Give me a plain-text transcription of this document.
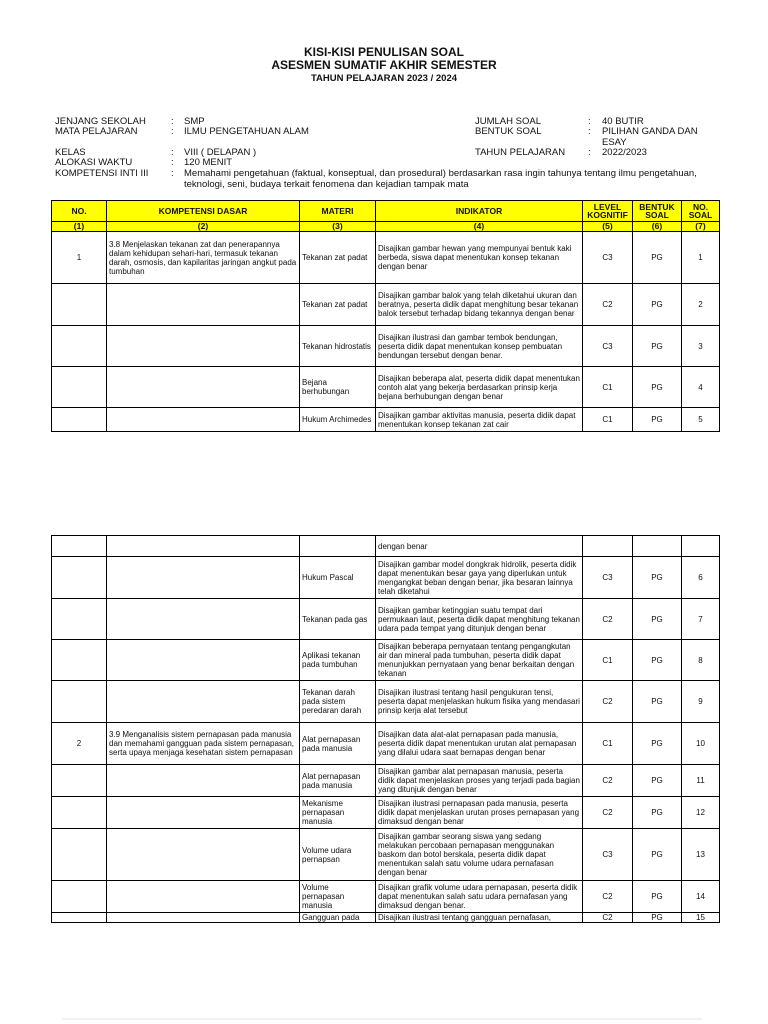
KISI-KISI PENULISAN SOAL
ASESMEN SUMATIF AKHIR SEMESTER
TAHUN PELAJARAN 2023 / 2024
JENJANG SEKOLAH	: SMP
MATA PELAJARAN	: ILMU PENGETAHUAN ALAM
KELAS	: VIII ( DELAPAN )
ALOKASI WAKTU	: 120 MENIT
KOMPETENSI INTI III	: Memahami pengetahuan (faktual, konseptual, dan prosedural) berdasarkan rasa ingin tahunya tentang ilmu pengetahuan, teknologi, seni, budaya terkait fenomena dan kejadian tampak mata
JUMLAH SOAL	: 40 BUTIR
BENTUK SOAL	: PILIHAN GANDA DAN ESAY
TAHUN PELAJARAN : 2022/2023
NO.	KOMPETENSI DASAR	MATERI	INDIKATOR	LEVEL KOGNITIF	BENTUK SOAL	NO. SOAL
(1)	(2)	(3)	(4)	(5)	(6)	(7)
1	3.8 Menjelaskan tekanan zat dan penerapannya dalam kehidupan sehari-hari, termasuk tekanan darah, osmosis, dan kapilaritas jaringan angkut pada tumbuhan	Tekanan zat padat	Disajikan gambar hewan yang mempunyai bentuk kaki berbeda, siswa dapat menentukan konsep tekanan dengan benar	C3	PG	1
		Tekanan zat padat	Disajikan gambar balok yang telah diketahui ukuran dan beratnya, peserta didik dapat menghitung besar tekanan balok tersebut terhadap bidang tekannya dengan benar	C2	PG	2
		Tekanan hidrostatis	Disajikan ilustrasi dan gambar tembok bendungan, peserta didik dapat menentukan konsep pembuatan bendungan tersebut dengan benar.	C3	PG	3
		Bejana berhubungan	Disajikan beberapa alat, peserta didik dapat menentukan contoh alat yang bekerja berdasarkan prinsip kerja bejana berhubungan dengan benar	C1	PG	4
		Hukum Archimedes	Disajikan gambar aktivitas manusia, peserta didik dapat menentukan konsep tekanan zat cair	C1	PG	5
			dengan benar			
		Hukum Pascal	Disajikan gambar model dongkrak hidrolik, peserta didik dapat menentukan besar gaya yang diperlukan untuk mengangkat beban dengan benar, jika besaran lainnya telah diketahui	C3	PG	6
		Tekanan pada gas	Disajikan gambar ketinggian suatu tempat dari permukaan laut, peserta didik dapat menghitung tekanan udara pada tempat yang ditunjuk dengan benar	C2	PG	7
		Aplikasi tekanan pada tumbuhan	Disajikan beberapa pernyataan tentang pengangkutan air dan mineral pada tumbuhan, peserta didik dapat menunjukkan pernyataan yang benar berkaitan dengan tekanan	C1	PG	8
		Tekanan darah pada sistem peredaran darah	Disajikan ilustrasi tentang hasil pengukuran tensi, peserta dapat menjelaskan hukum fisika yang mendasari prinsip kerja alat tersebut	C2	PG	9
2	3.9 Menganalisis sistem pernapasan pada manusia dan memahami gangguan pada sistem pernapasan, serta upaya menjaga kesehatan sistem pernapasan	Alat pernapasan pada manusia	Disajikan data alat-alat pernapasan pada manusia, peserta didik dapat menentukan urutan alat pernapasan yang dilalui udara saat bernapas dengan benar	C1	PG	10
		Alat pernapasan pada manusia	Disajikan gambar alat pernapasan manusia, peserta didik dapat menjelaskan proses yang terjadi pada bagian yang ditunjuk dengan benar	C2	PG	11
		Mekanisme pernapasan manusia	Disajikan ilustrasi pernapasan pada manusia, peserta didik dapat menjelaskan urutan proses pernapasan yang dimaksud dengan benar	C2	PG	12
		Volume udara pernapsan	Disajikan gambar seorang siswa yang sedang melakukan percobaan pernapasan menggunakan baskom dan botol berskala, peserta didik dapat menentukan salah satu volume udara pernafasan dengan benar	C3	PG	13
		Volume pernapasan manusia	Disajikan grafik volume udara pernapasan, peserta didik dapat menentukan salah satu udara pernafasan yang dimaksud dengan benar.	C2	PG	14
		Gangguan pada	Disajikan ilustrasi tentang gangguan pernafasan,	C2	PG	15
